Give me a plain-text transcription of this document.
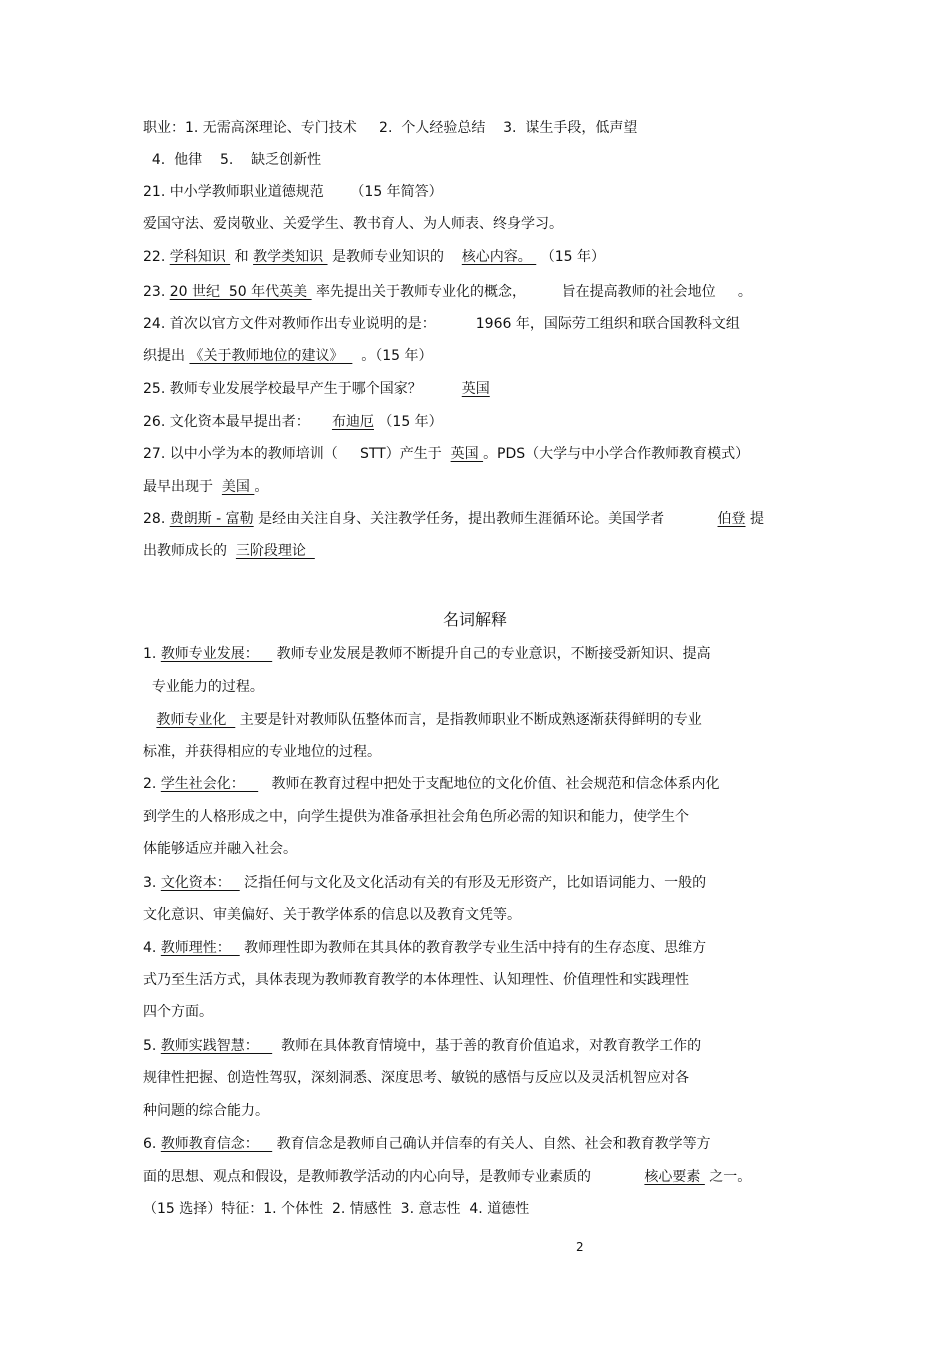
职业：1. 无需高深理论、专门技术     2.  个人经验总结    3.  谋生手段，低声望
4.  他律    5.    缺乏创新性
21. 中小学教师职业道德规范      （15 年简答）
爱国守法、爱岗敬业、关爱学生、教书育人、为人师表、终身学习。
22. 学科知识  和 教学类知识  是教师专业知识的    核心内容。  （15 年）
23. 20 世纪  50 年代英美  率先提出关于教师专业化的概念，        旨在提高教师的社会地位     。
24. 首次以官方文件对教师作出专业说明的是：         1966 年，国际劳工组织和联合国教科文组
织提出 《关于教师地位的建议》    。（15 年）
25. 教师专业发展学校最早产生于哪个国家？         英国
26. 文化资本最早提出者：     布迪厄 （15 年）
27. 以中小学为本的教师培训（     STT）产生于  英国 。PDS（大学与中小学合作教师教育模式）
最早出现于  美国 。
28. 费朗斯 - 富勒 是经由关注自身、关注教学任务，提出教师生涯循环论。美国学者            伯登 提
出教师成长的  三阶段理论
名词解释
1. 教师专业发展：    教师专业发展是教师不断提升自己的专业意识，不断接受新知识、提高
专业能力的过程。
教师专业化   主要是针对教师队伍整体而言，是指教师职业不断成熟逐渐获得鲜明的专业
标准，并获得相应的专业地位的过程。
2. 学生社会化：      教师在教育过程中把处于支配地位的文化价值、社会规范和信念体系内化
到学生的人格形成之中，向学生提供为准备承担社会角色所必需的知识和能力，使学生个
体能够适应并融入社会。
3. 文化资本：   泛指任何与文化及文化活动有关的有形及无形资产，比如语词能力、一般的
文化意识、审美偏好、关于教学体系的信息以及教育文凭等。
4. 教师理性：   教师理性即为教师在其具体的教育教学专业生活中持有的生存态度、思维方
式乃至生活方式，具体表现为教师教育教学的本体理性、认知理性、价值理性和实践理性
四个方面。
5. 教师实践智慧：     教师在具体教育情境中，基于善的教育价值追求，对教育教学工作的
规律性把握、创造性驾驭，深刻洞悉、深度思考、敏锐的感悟与反应以及灵活机智应对各
种问题的综合能力。
6. 教师教育信念：    教育信念是教师自己确认并信奉的有关人、自然、社会和教育教学等方
面的思想、观点和假设，是教师教学活动的内心向导，是教师专业素质的            核心要素  之一。
（15 选择）特征：1. 个体性  2. 情感性  3. 意志性  4. 道德性
2
